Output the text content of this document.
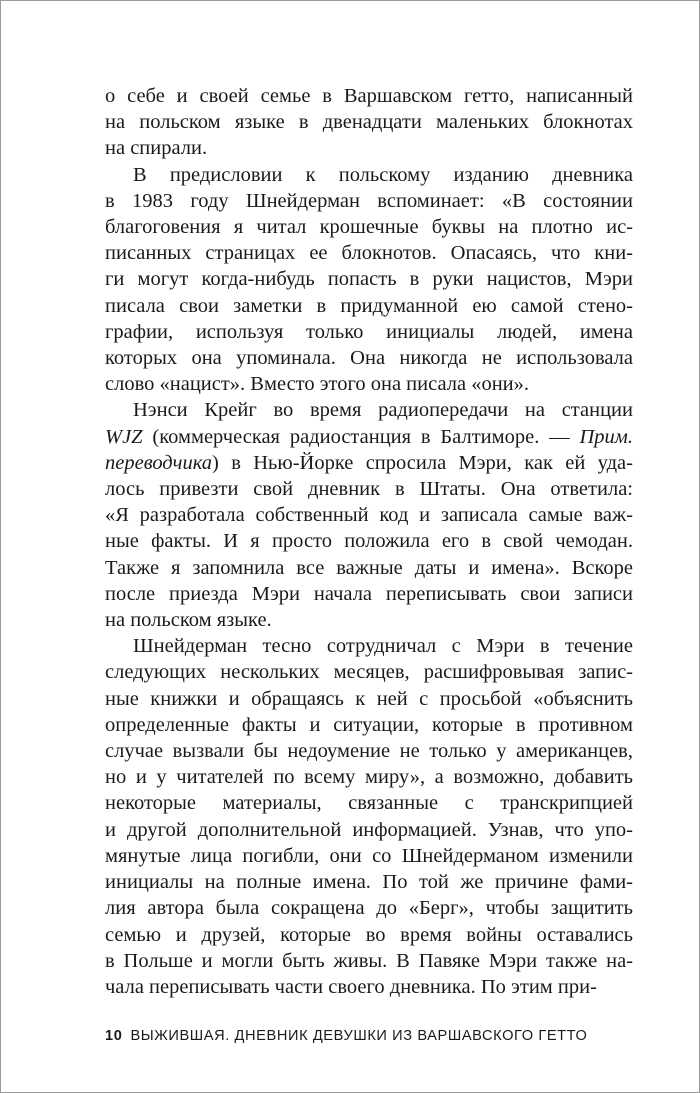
о себе и своей семье в Варшавском гетто, написанный
на польском языке в двенадцати маленьких блокнотах
на спирали.
В предисловии к польскому изданию дневника
в 1983 году Шнейдерман вспоминает: «В состоянии
благоговения я читал крошечные буквы на плотно ис-
писанных страницах ее блокнотов. Опасаясь, что кни-
ги могут когда-нибудь попасть в руки нацистов, Мэри
писала свои заметки в придуманной ею самой стено-
графии, используя только инициалы людей, имена
которых она упоминала. Она никогда не использовала
слово «нацист». Вместо этого она писала «они».
Нэнси Крейг во время радиопередачи на станции
WJZ (коммерческая радиостанция в Балтиморе. — Прим.
переводчика) в Нью-Йорке спросила Мэри, как ей уда-
лось привезти свой дневник в Штаты. Она ответила:
«Я разработала собственный код и записала самые важ-
ные факты. И я просто положила его в свой чемодан.
Также я запомнила все важные даты и имена». Вскоре
после приезда Мэри начала переписывать свои записи
на польском языке.
Шнейдерман тесно сотрудничал с Мэри в течение
следующих нескольких месяцев, расшифровывая запис-
ные книжки и обращаясь к ней с просьбой «объяснить
определенные факты и ситуации, которые в противном
случае вызвали бы недоумение не только у американцев,
но и у читателей по всему миру», а возможно, добавить
некоторые материалы, связанные с транскрипцией
и другой дополнительной информацией. Узнав, что упо-
мянутые лица погибли, они со Шнейдерманом изменили
инициалы на полные имена. По той же причине фами-
лия автора была сокращена до «Берг», чтобы защитить
семью и друзей, которые во время войны оставались
в Польше и могли быть живы. В Павяке Мэри также на-
чала переписывать части своего дневника. По этим при-
10 ВЫЖИВШАЯ. ДНЕВНИК ДЕВУШКИ ИЗ ВАРШАВСКОГО ГЕТТО
